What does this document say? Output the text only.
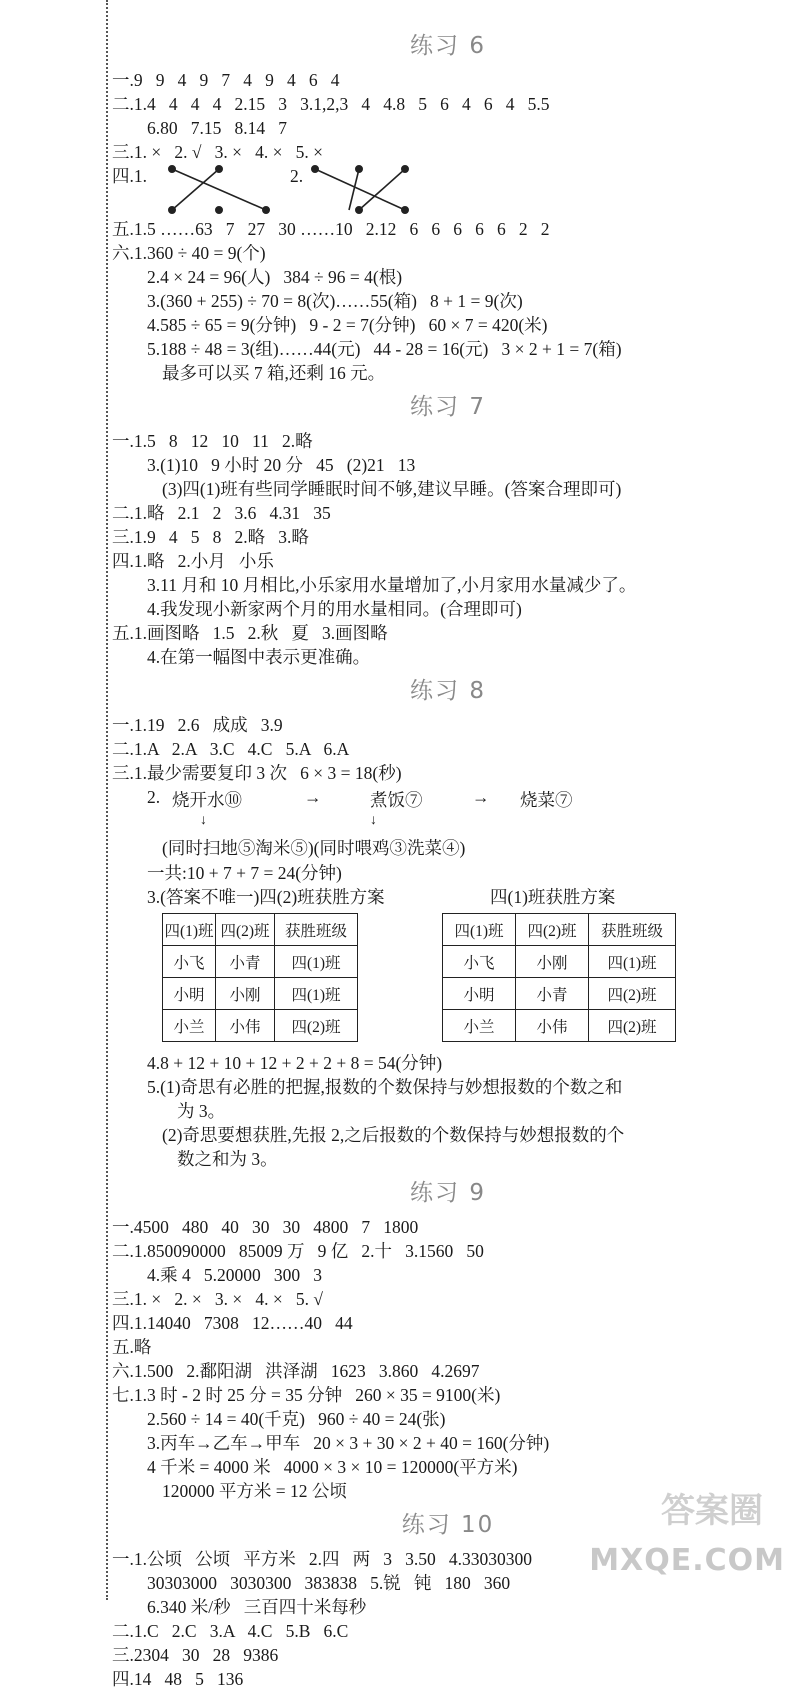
练习 6
一.9   9   4   9   7   4   9   4   6   4
二.1.4   4   4   4   2.15   3   3.1,2,3   4   4.8   5   6   4   6   4   5.5
6.80   7.15   8.14   7
三.1. ×   2. √   3. ×   4. ×   5. ×
四.1.	2.
五.1.5 ……63   7   27   30 ……10   2.12   6   6   6   6   6   2   2
六.1.360 ÷ 40 = 9(个)
2.4 × 24 = 96(人)   384 ÷ 96 = 4(根)
3.(360 + 255) ÷ 70 = 8(次)……55(箱)   8 + 1 = 9(次)
4.585 ÷ 65 = 9(分钟)   9 - 2 = 7(分钟)   60 × 7 = 420(米)
5.188 ÷ 48 = 3(组)……44(元)   44 - 28 = 16(元)   3 × 2 + 1 = 7(箱)
最多可以买 7 箱,还剩 16 元。
练习 7
一.1.5   8   12   10   11   2.略
3.(1)10   9 小时 20 分   45   (2)21   13
(3)四(1)班有些同学睡眠时间不够,建议早睡。(答案合理即可)
二.1.略   2.1   2   3.6   4.31   35
三.1.9   4   5   8   2.略   3.略
四.1.略   2.小月   小乐
3.11 月和 10 月相比,小乐家用水量增加了,小月家用水量减少了。
4.我发现小新家两个月的用水量相同。(合理即可)
五.1.画图略   1.5   2.秋   夏   3.画图略
4.在第一幅图中表示更准确。
练习 8
一.1.19   2.6   成成   3.9
二.1.A   2.A   3.C   4.C   5.A   6.A
三.1.最少需要复印 3 次   6 × 3 = 18(秒)
2. 烧开水⑩	→	煮饭⑦	→ 烧菜⑦
↓	↓
(同时扫地⑤淘米⑤)(同时喂鸡③洗菜④)
一共:10 + 7 + 7 = 24(分钟)
3.(答案不唯一)四(2)班获胜方案	四(1)班获胜方案
四(1)班	四(2)班	获胜班级
小飞	小青	四(1)班
小明	小刚	四(1)班
小兰	小伟	四(2)班
四(1)班	四(2)班	获胜班级
小飞	小刚	四(1)班
小明	小青	四(2)班
小兰	小伟	四(2)班
4.8 + 12 + 10 + 12 + 2 + 2 + 8 = 54(分钟)
5.(1)奇思有必胜的把握,报数的个数保持与妙想报数的个数之和
为 3。
(2)奇思要想获胜,先报 2,之后报数的个数保持与妙想报数的个
数之和为 3。
练习 9
一.4500   480   40   30   30   4800   7   1800
二.1.850090000   85009 万   9 亿   2.十   3.1560   50
4.乘 4   5.20000   300   3
三.1. ×   2. ×   3. ×   4. ×   5. √
四.1.14040   7308   12……40   44
五.略
六.1.500   2.鄱阳湖   洪泽湖   1623   3.860   4.2697
七.1.3 时 - 2 时 25 分 = 35 分钟   260 × 35 = 9100(米)
2.560 ÷ 14 = 40(千克)   960 ÷ 40 = 24(张)
3.丙车→乙车→甲车   20 × 3 + 30 × 2 + 40 = 160(分钟)
4 千米 = 4000 米   4000 × 3 × 10 = 120000(平方米)
120000 平方米 = 12 公顷
练习 10
一.1.公顷   公顷   平方米   2.四   两   3   3.50   4.33030300
30303000   3030300   383838   5.锐   钝   180   360
6.340 米/秒   三百四十米每秒
二.1.C   2.C   3.A   4.C   5.B   6.C
三.2304   30   28   9386
四.14   48   5   136
答案圈
MXQE.COM
